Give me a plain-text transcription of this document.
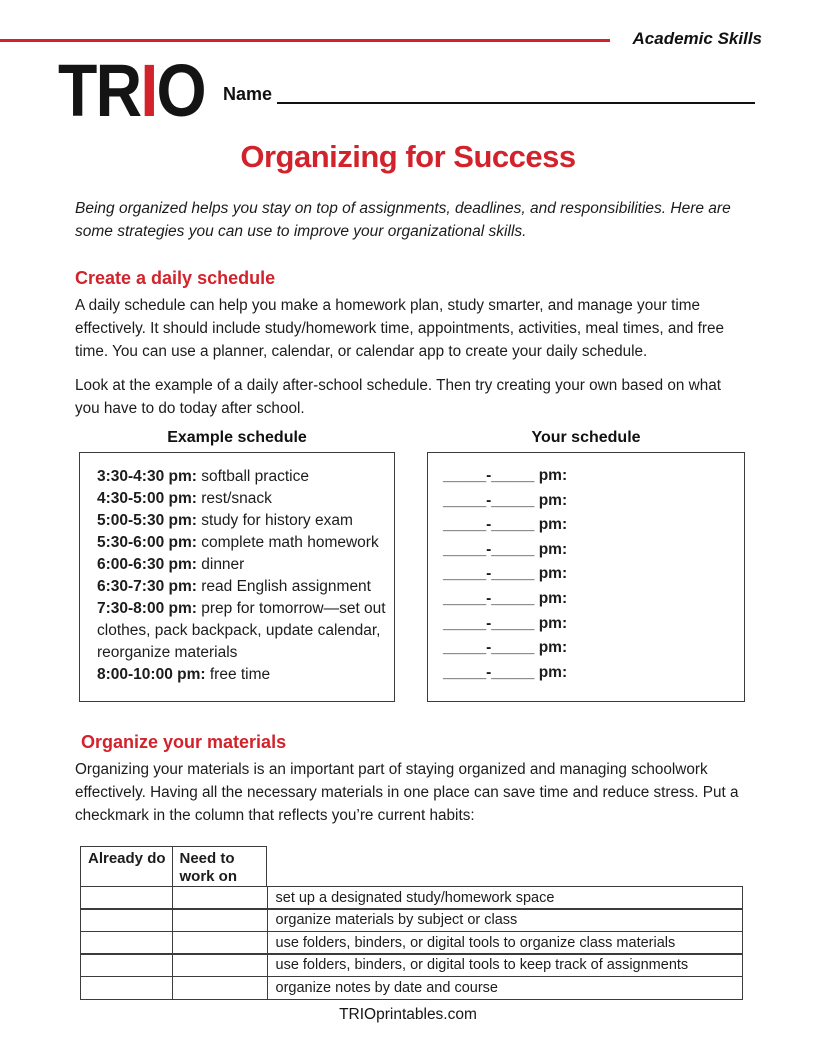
Academic Skills
TRIO Name
Organizing for Success

Being organized helps you stay on top of assignments, deadlines, and responsibilities. Here are some strategies you can use to improve your organizational skills.

Create a daily schedule

A daily schedule can help you make a homework plan, study smarter, and manage your time effectively. It should include study/homework time, appointments, activities, meal times, and free time. You can use a planner, calendar, or calendar app to create your daily schedule.

Look at the example of a daily after-school schedule. Then try creating your own based on what you have to do today after school.

Example schedule
3:30-4:30 pm: softball practice
4:30-5:00 pm: rest/snack
5:00-5:30 pm: study for history exam
5:30-6:00 pm: complete math homework
6:00-6:30 pm: dinner
6:30-7:30 pm: read English assignment
7:30-8:00 pm: prep for tomorrow—set out clothes, pack backpack, update calendar, reorganize materials
8:00-10:00 pm: free time
Your schedule
_____-_____ pm:
_____-_____ pm:
_____-_____ pm:
_____-_____ pm:
_____-_____ pm:
_____-_____ pm:
_____-_____ pm:
_____-_____ pm:
_____-_____ pm:
Organize your materials

Organizing your materials is an important part of staying organized and managing schoolwork effectively. Having all the necessary materials in one place can save time and reduce stress. Put a checkmark in the column that reflects you’re current habits:

Already do Need to work on
set up a designated study/homework space
organize materials by subject or class
use folders, binders, or digital tools to organize class materials
use folders, binders, or digital tools to keep track of assignments
organize notes by date and course
TRIOprintables.com
